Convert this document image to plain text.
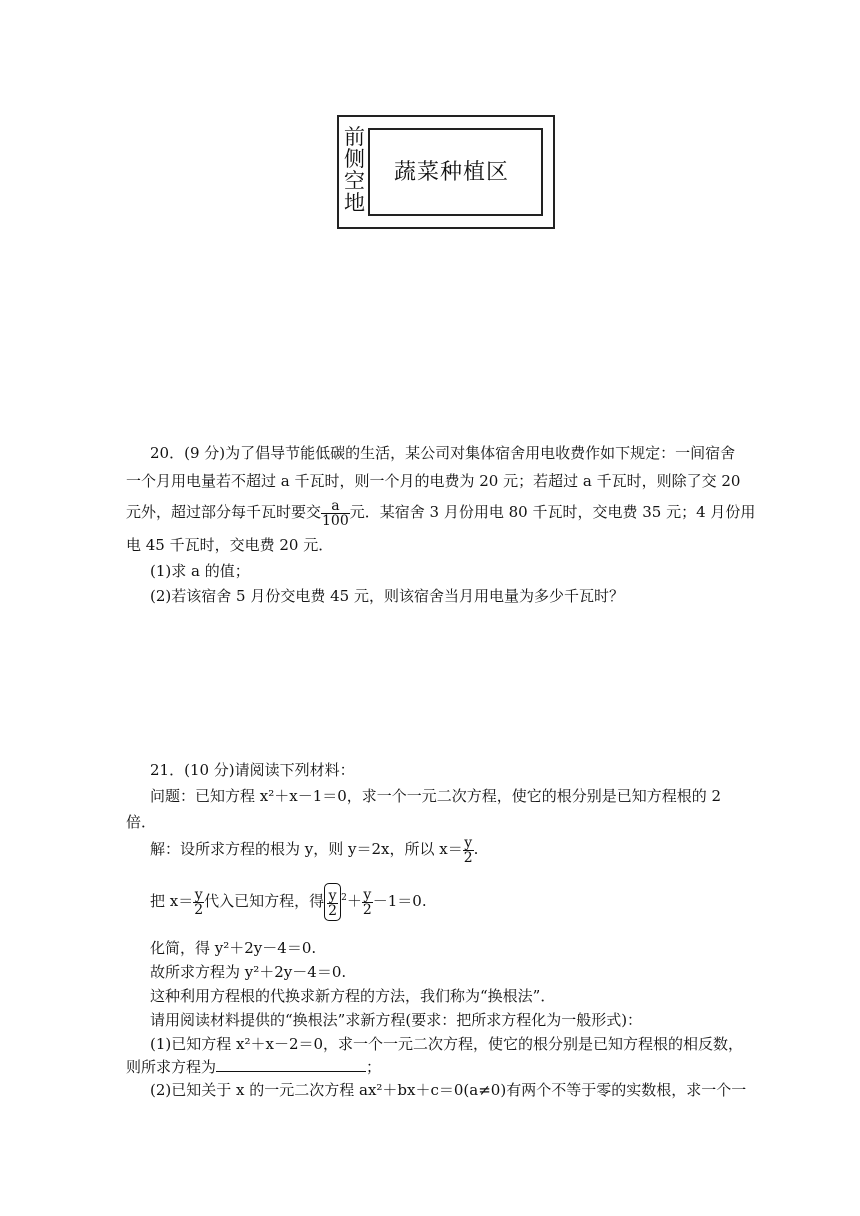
前
侧
空
地
蔬菜种植区
20．(9 分)为了倡导节能低碳的生活，某公司对集体宿舍用电收费作如下规定：一间宿舍
一个月用电量若不超过 a 千瓦时，则一个月的电费为 20 元；若超过 a 千瓦时，则除了交 20
元外，超过部分每千瓦时要交 $\frac{a}{100}$ 元．某宿舍 3 月份用电 80 千瓦时，交电费 35 元；4 月份用
电 45 千瓦时，交电费 20 元．
(1)求 a 的值；
(2)若该宿舍 5 月份交电费 45 元，则该宿舍当月用电量为多少千瓦时？
21．(10 分)请阅读下列材料：
问题：已知方程 x²＋x－1＝0，求一个一元二次方程，使它的根分别是已知方程根的 2
倍．
解：设所求方程的根为 y，则 y＝2x，所以 $x= \frac{y}{2}$ .
把 $x= \frac{y}{2}$ 代入已知方程，得 $\frac{y}{2} ^2+ \frac{y}{2} -1=0$.
化简，得 y²＋2y－4＝0.
故所求方程为 y²＋2y－4＝0.
这种利用方程根的代换求新方程的方法，我们称为“换根法”．
请用阅读材料提供的“换根法”求新方程(要求：把所求方程化为一般形式)：
(1)已知方程 x²＋x－2＝0，求一个一元二次方程，使它的根分别是已知方程根的相反数，
则所求方程为	；
(2)已知关于 x 的一元二次方程 ax²＋bx＋c＝0(a≠0)有两个不等于零的实数根，求一个一
